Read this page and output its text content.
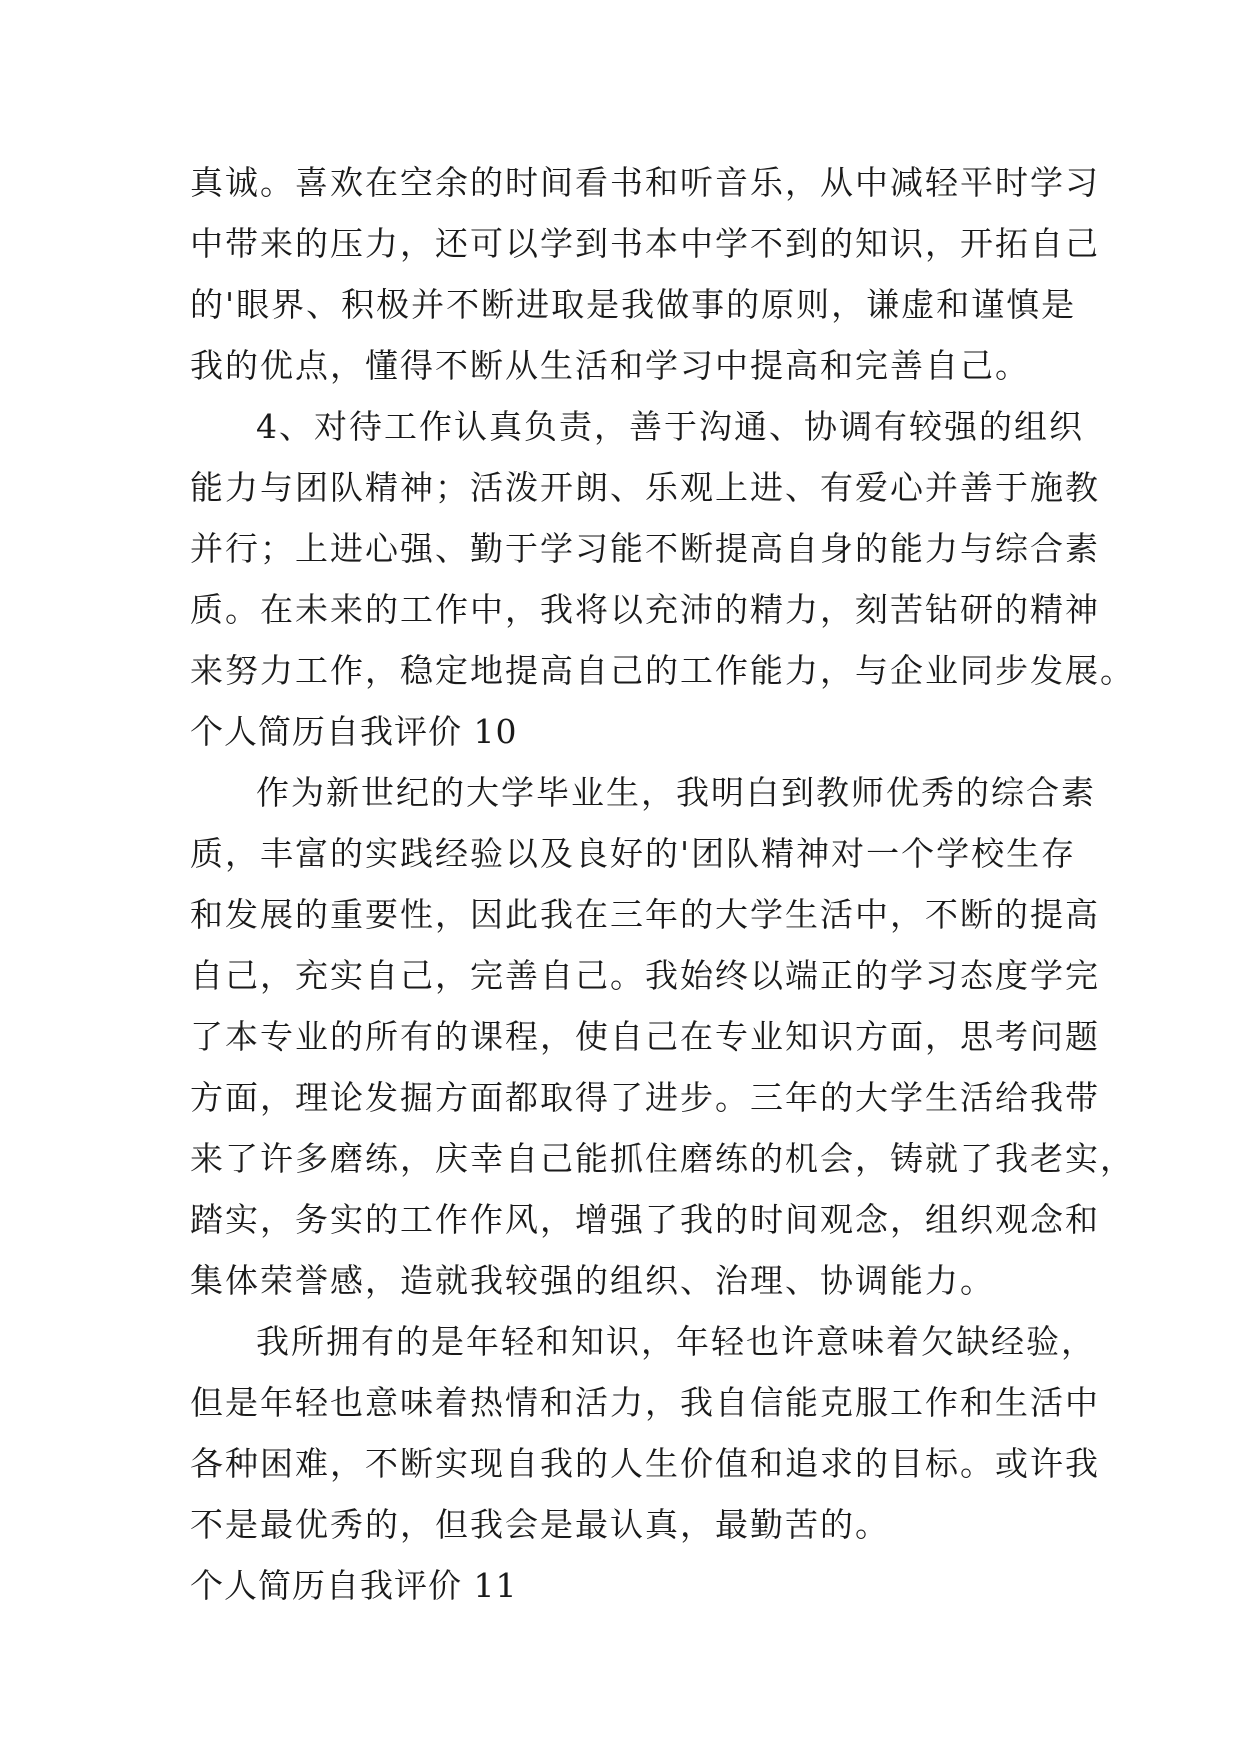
真诚。喜欢在空余的时间看书和听音乐，从中减轻平时学习
中带来的压力，还可以学到书本中学不到的知识，开拓自己
的'眼界、积极并不断进取是我做事的原则，谦虚和谨慎是
我的优点，懂得不断从生活和学习中提高和完善自己。
4、对待工作认真负责，善于沟通、协调有较强的组织
能力与团队精神；活泼开朗、乐观上进、有爱心并善于施教
并行；上进心强、勤于学习能不断提高自身的能力与综合素
质。在未来的工作中，我将以充沛的精力，刻苦钻研的精神
来努力工作，稳定地提高自己的工作能力，与企业同步发展。
个人简历自我评价 10
作为新世纪的大学毕业生，我明白到教师优秀的综合素
质，丰富的实践经验以及良好的'团队精神对一个学校生存
和发展的重要性，因此我在三年的大学生活中，不断的提高
自己，充实自己，完善自己。我始终以端正的学习态度学完
了本专业的所有的课程，使自己在专业知识方面，思考问题
方面，理论发掘方面都取得了进步。三年的大学生活给我带
来了许多磨练，庆幸自己能抓住磨练的机会，铸就了我老实，
踏实，务实的工作作风，增强了我的时间观念，组织观念和
集体荣誉感，造就我较强的组织、治理、协调能力。
我所拥有的是年轻和知识，年轻也许意味着欠缺经验，
但是年轻也意味着热情和活力，我自信能克服工作和生活中
各种困难，不断实现自我的人生价值和追求的目标。或许我
不是最优秀的，但我会是最认真，最勤苦的。
个人简历自我评价 11
